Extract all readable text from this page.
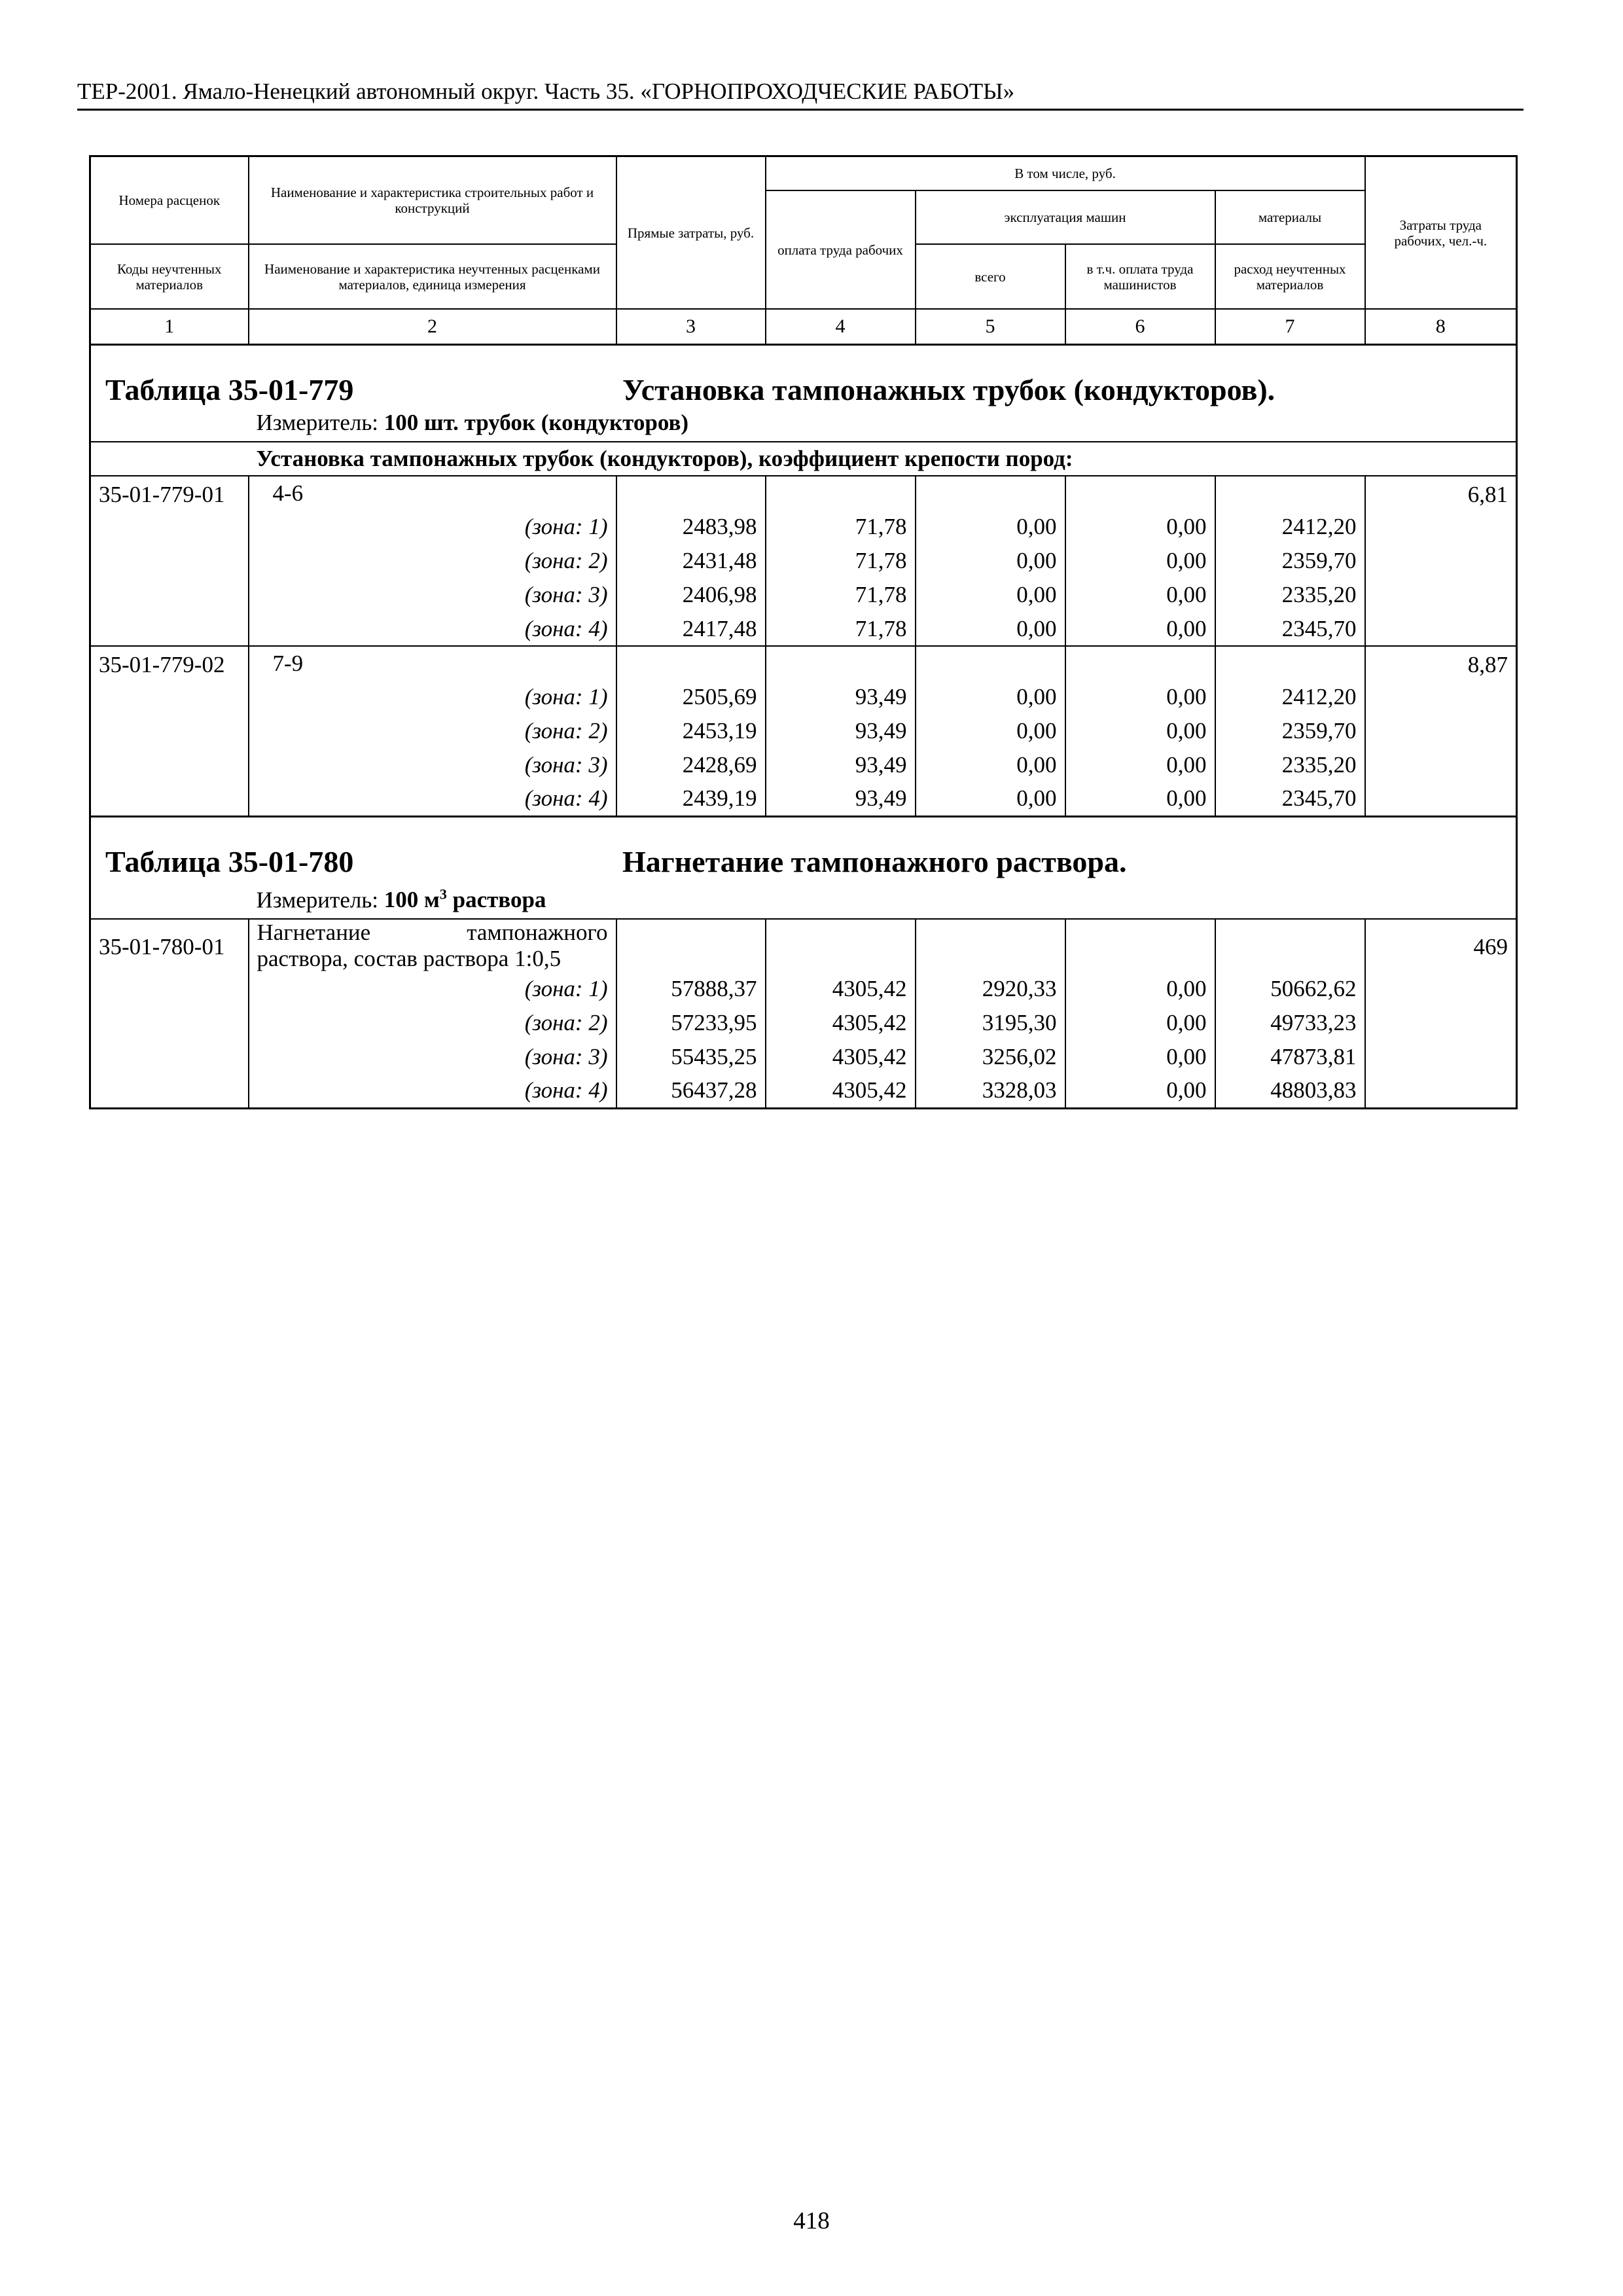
ТЕР-2001. Ямало-Ненецкий автономный округ. Часть 35. «ГОРНОПРОХОДЧЕСКИЕ РАБОТЫ»
Номера расценок	Наименование и характеристика строительных работ и конструкций	Прямые затраты, руб.	В том числе, руб.				Затраты труда рабочих, чел.-ч.
			оплата труда рабочих	эксплуатация машин		материалы	
Коды неучтенных материалов	Наименование и характеристика неучтенных расценками материалов, единица измерения			всего	в т.ч. оплата труда машинистов	расход неучтенных материалов	
1	2	3	4	5	6	7	8
Таблица 35-01-779 Установка тампонажных трубок (кондукторов).							
	Измеритель: 100 шт. трубок (кондукторов)						
	Установка тампонажных трубок (кондукторов), коэффициент крепости пород:						
35-01-779-01	4-6						6,81
	(зона: 1)	2483,98	71,78	0,00	0,00	2412,20	
	(зона: 2)	2431,48	71,78	0,00	0,00	2359,70	
	(зона: 3)	2406,98	71,78	0,00	0,00	2335,20	
	(зона: 4)	2417,48	71,78	0,00	0,00	2345,70	
35-01-779-02	7-9						8,87
	(зона: 1)	2505,69	93,49	0,00	0,00	2412,20	
	(зона: 2)	2453,19	93,49	0,00	0,00	2359,70	
	(зона: 3)	2428,69	93,49	0,00	0,00	2335,20	
	(зона: 4)	2439,19	93,49	0,00	0,00	2345,70	
Таблица 35-01-780 Нагнетание тампонажного раствора.							
	Измеритель: 100 $м^3$ раствора						
35-01-780-01	Нагнетание тампонажного раствора, состав раствора 1:0,5						469
	(зона: 1)	57888,37	4305,42	2920,33	0,00	50662,62	
	(зона: 2)	57233,95	4305,42	3195,30	0,00	49733,23	
	(зона: 3)	55435,25	4305,42	3256,02	0,00	47873,81	
	(зона: 4)	56437,28	4305,42	3328,03	0,00	48803,83	
418
